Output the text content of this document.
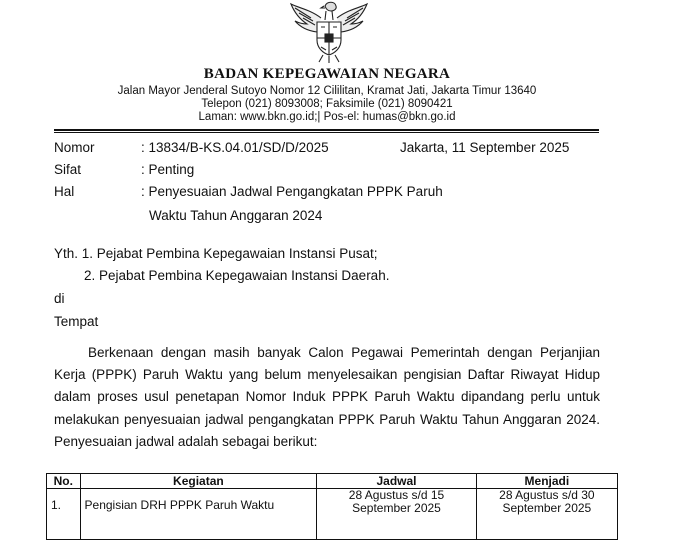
BADAN KEPEGAWAIAN NEGARA
Jalan Mayor Jenderal Sutoyo Nomor 12 Cililitan, Kramat Jati, Jakarta Timur 13640
Telepon (021) 8093008; Faksimile (021) 8090421
Laman: www.bkn.go.id;| Pos-el: humas@bkn.go.id
Nomor	: 13834/B-KS.04.01/SD/D/2025	Jakarta, 11 September 2025
Sifat	: Penting
Hal	: Penyesuaian Jadwal Pengangkatan PPPK Paruh
Waktu Tahun Anggaran 2024
Yth. 1. Pejabat Pembina Kepegawaian Instansi Pusat;
2. Pejabat Pembina Kepegawaian Instansi Daerah.
di
Tempat
Berkenaan dengan masih banyak Calon Pegawai Pemerintah dengan Perjanjian Kerja (PPPK) Paruh Waktu yang belum menyelesaikan pengisian Daftar Riwayat Hidup dalam proses usul penetapan Nomor Induk PPPK Paruh Waktu dipandang perlu untuk melakukan penyesuaian jadwal pengangkatan PPPK Paruh Waktu Tahun Anggaran 2024. Penyesuaian jadwal adalah sebagai berikut:
No.	Kegiatan	Jadwal	Menjadi
1.	Pengisian DRH PPPK Paruh Waktu	28 Agustus s/d 15 September 2025	28 Agustus s/d 30 September 2025
